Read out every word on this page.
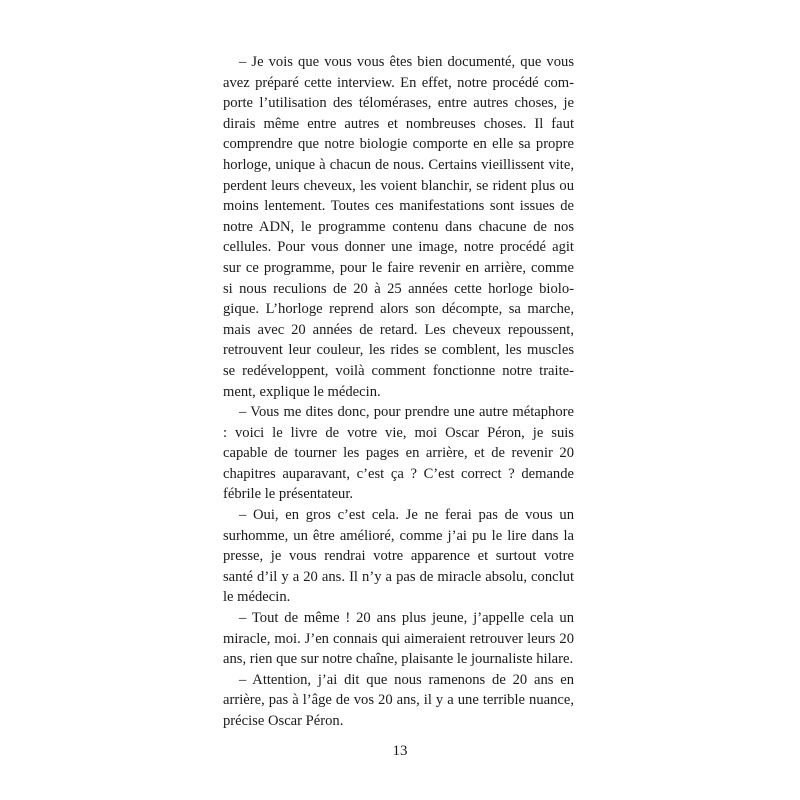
– Je vois que vous vous êtes bien documenté, que vous avez préparé cette interview. En effet, notre procédé comporte l’utilisation des télomérases, entre autres choses, je dirais même entre autres et nombreuses choses. Il faut comprendre que notre biologie comporte en elle sa propre horloge, unique à chacun de nous. Certains vieillissent vite, perdent leurs cheveux, les voient blanchir, se rident plus ou moins lentement. Toutes ces manifestations sont issues de notre ADN, le programme contenu dans chacune de nos cellules. Pour vous donner une image, notre procédé agit sur ce programme, pour le faire revenir en arrière, comme si nous reculions de 20 à 25 années cette horloge biologique. L’horloge reprend alors son décompte, sa marche, mais avec 20 années de retard. Les cheveux repoussent, retrouvent leur couleur, les rides se comblent, les muscles se redéveloppent, voilà comment fonctionne notre traitement, explique le médecin.

– Vous me dites donc, pour prendre une autre métaphore : voici le livre de votre vie, moi Oscar Péron, je suis capable de tourner les pages en arrière, et de revenir 20 chapitres auparavant, c’est ça ? C’est correct ? demande fébrile le présentateur.

– Oui, en gros c’est cela. Je ne ferai pas de vous un surhomme, un être amélioré, comme j’ai pu le lire dans la presse, je vous rendrai votre apparence et surtout votre santé d’il y a 20 ans. Il n’y a pas de miracle absolu, conclut le médecin.

– Tout de même ! 20 ans plus jeune, j’appelle cela un miracle, moi. J’en connais qui aimeraient retrouver leurs 20 ans, rien que sur notre chaîne, plaisante le journaliste hilare.

– Attention, j’ai dit que nous ramenons de 20 ans en arrière, pas à l’âge de vos 20 ans, il y a une terrible nuance, précise Oscar Péron.

13
